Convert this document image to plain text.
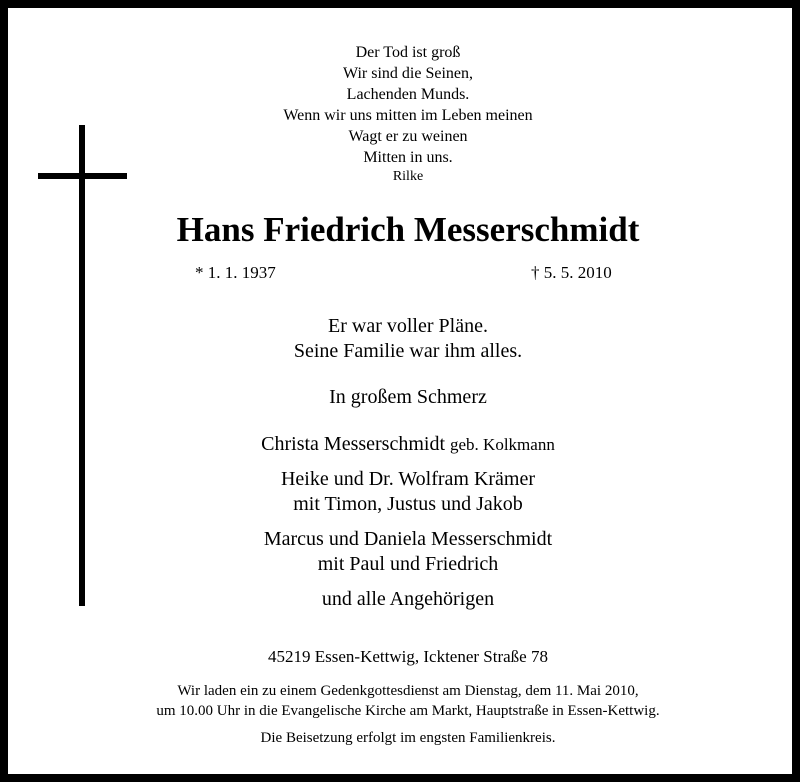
Der Tod ist groß
Wir sind die Seinen,
Lachenden Munds.
Wenn wir uns mitten im Leben meinen
Wagt er zu weinen
Mitten in uns.
Rilke
Hans Friedrich Messerschmidt
* 1. 1. 1937	† 5. 5. 2010
Er war voller Pläne.
Seine Familie war ihm alles.
In großem Schmerz
Christa Messerschmidt geb. Kolkmann
Heike und Dr. Wolfram Krämer
mit Timon, Justus und Jakob
Marcus und Daniela Messerschmidt
mit Paul und Friedrich
und alle Angehörigen
45219 Essen-Kettwig, Icktener Straße 78
Wir laden ein zu einem Gedenkgottesdienst am Dienstag, dem 11. Mai 2010,
um 10.00 Uhr in die Evangelische Kirche am Markt, Hauptstraße in Essen-Kettwig.
Die Beisetzung erfolgt im engsten Familienkreis.
